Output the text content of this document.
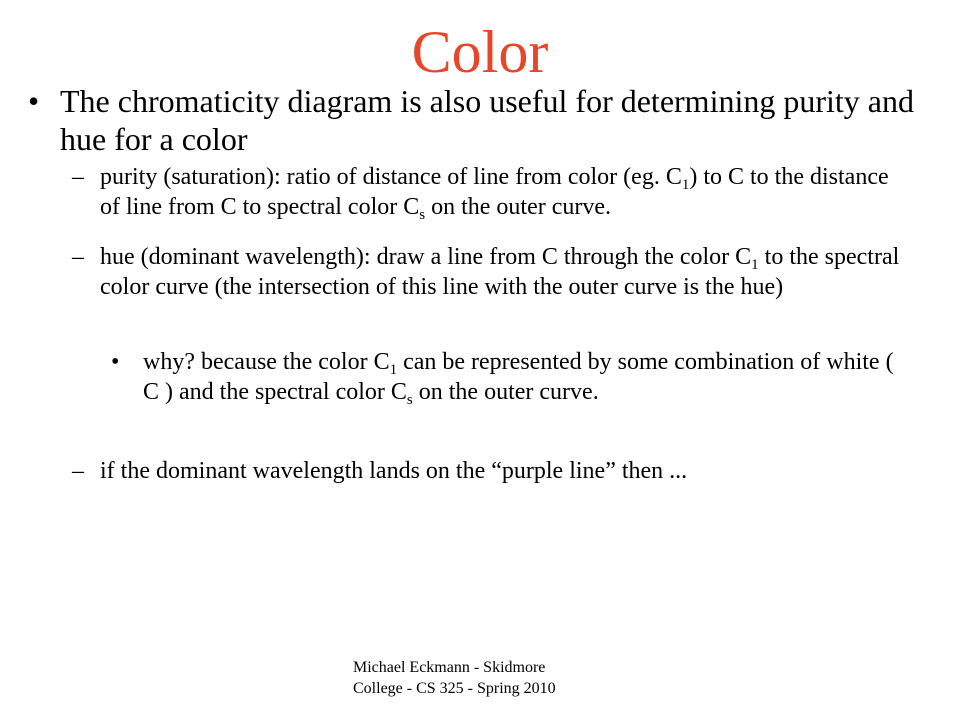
Color
• The chromaticity diagram is also useful for determining purity and hue for a color
– purity (saturation): ratio of distance of line from color (eg. $C_1$) to C to the distance of line from C to spectral color $C_s$ on the outer curve.
– hue (dominant wavelength): draw a line from C through the color $C_1$ to the spectral color curve (the intersection of this line with the outer curve is the hue)
• why? because the color $C_1$ can be represented by some combination of white ( C ) and the spectral color $C_s$ on the outer curve.
– if the dominant wavelength lands on the “purple line” then ...
Michael Eckmann - Skidmore
College - CS 325 - Spring 2010
